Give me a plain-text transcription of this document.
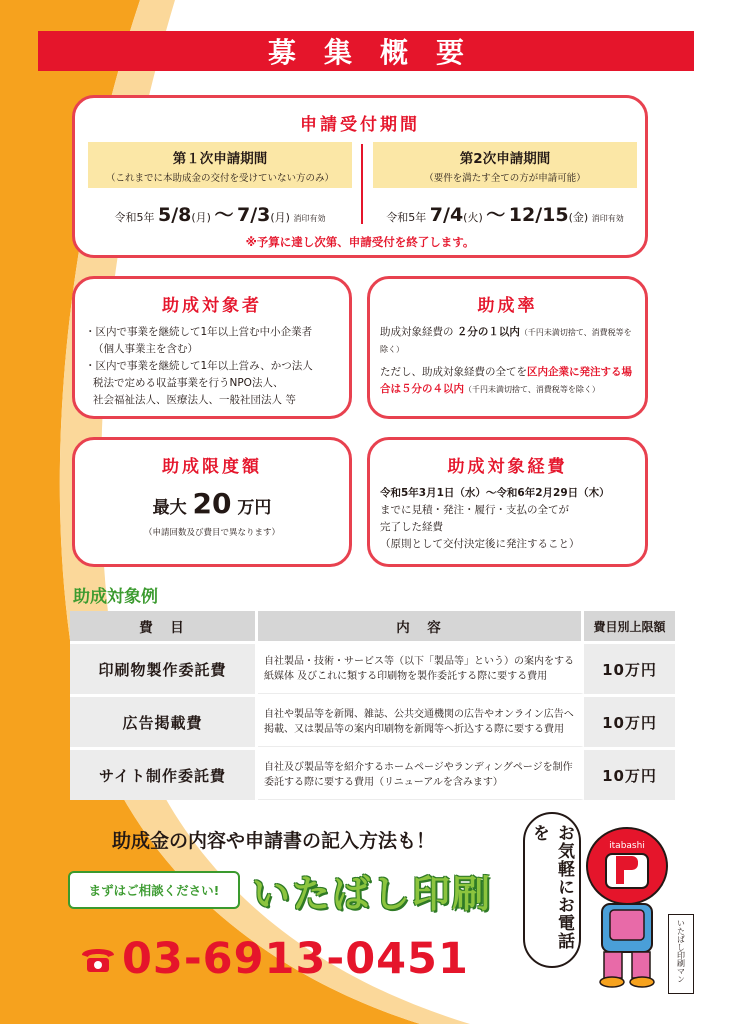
募集概要
申請受付期間
第１次申請期間
（これまでに本助成金の交付を受けていない方のみ）
令和5年 5/8(月) ～ 7/3(月) 消印有効
第2次申請期間
（要件を満たす全ての方が申請可能）
令和5年 7/4(火) ～ 12/15(金) 消印有効
※予算に達し次第、申請受付を終了します。
助成対象者
・区内で事業を継続して1年以上営む中小企業者
（個人事業主を含む）
・区内で事業を継続して1年以上営み、かつ法人
税法で定める収益事業を行うNPO法人、
社会福祉法人、医療法人、一般社団法人 等
助成率
助成対象経費の ２分の１以内（千円未満切捨て、消費税等を除く）
ただし、助成対象経費の全てを区内企業に発注する場合は５分の４以内（千円未満切捨て、消費税等を除く）
助成限度額
最大 20 万円
（申請回数及び費目で異なります）
助成対象経費
令和5年3月1日（水）～令和6年2月29日（木）
までに見積・発注・履行・支払の全てが
完了した経費
（原則として交付決定後に発注すること）
助成対象例
費　目	内　容	費目別上限額
印刷物製作委託費	自社製品・技術・サービス等（以下「製品等」という）の案内をする紙媒体 及びこれに類する印刷物を製作委託する際に要する費用	10万円
広告掲載費	自社や製品等を新聞、雑誌、公共交通機関の広告やオンライン広告へ掲載、又は製品等の案内印刷物を新聞等へ折込する際に要する費用	10万円
サイト制作委託費	自社及び製品等を紹介するホームページやランディングページを制作委託する際に要する費用（リニューアルを含みます）	10万円
助成金の内容や申請書の記入方法も！
まずはご相談ください! いたばし印刷
03-6913-0451
お気軽にお電話を
itabashi
いたばし印刷マン
